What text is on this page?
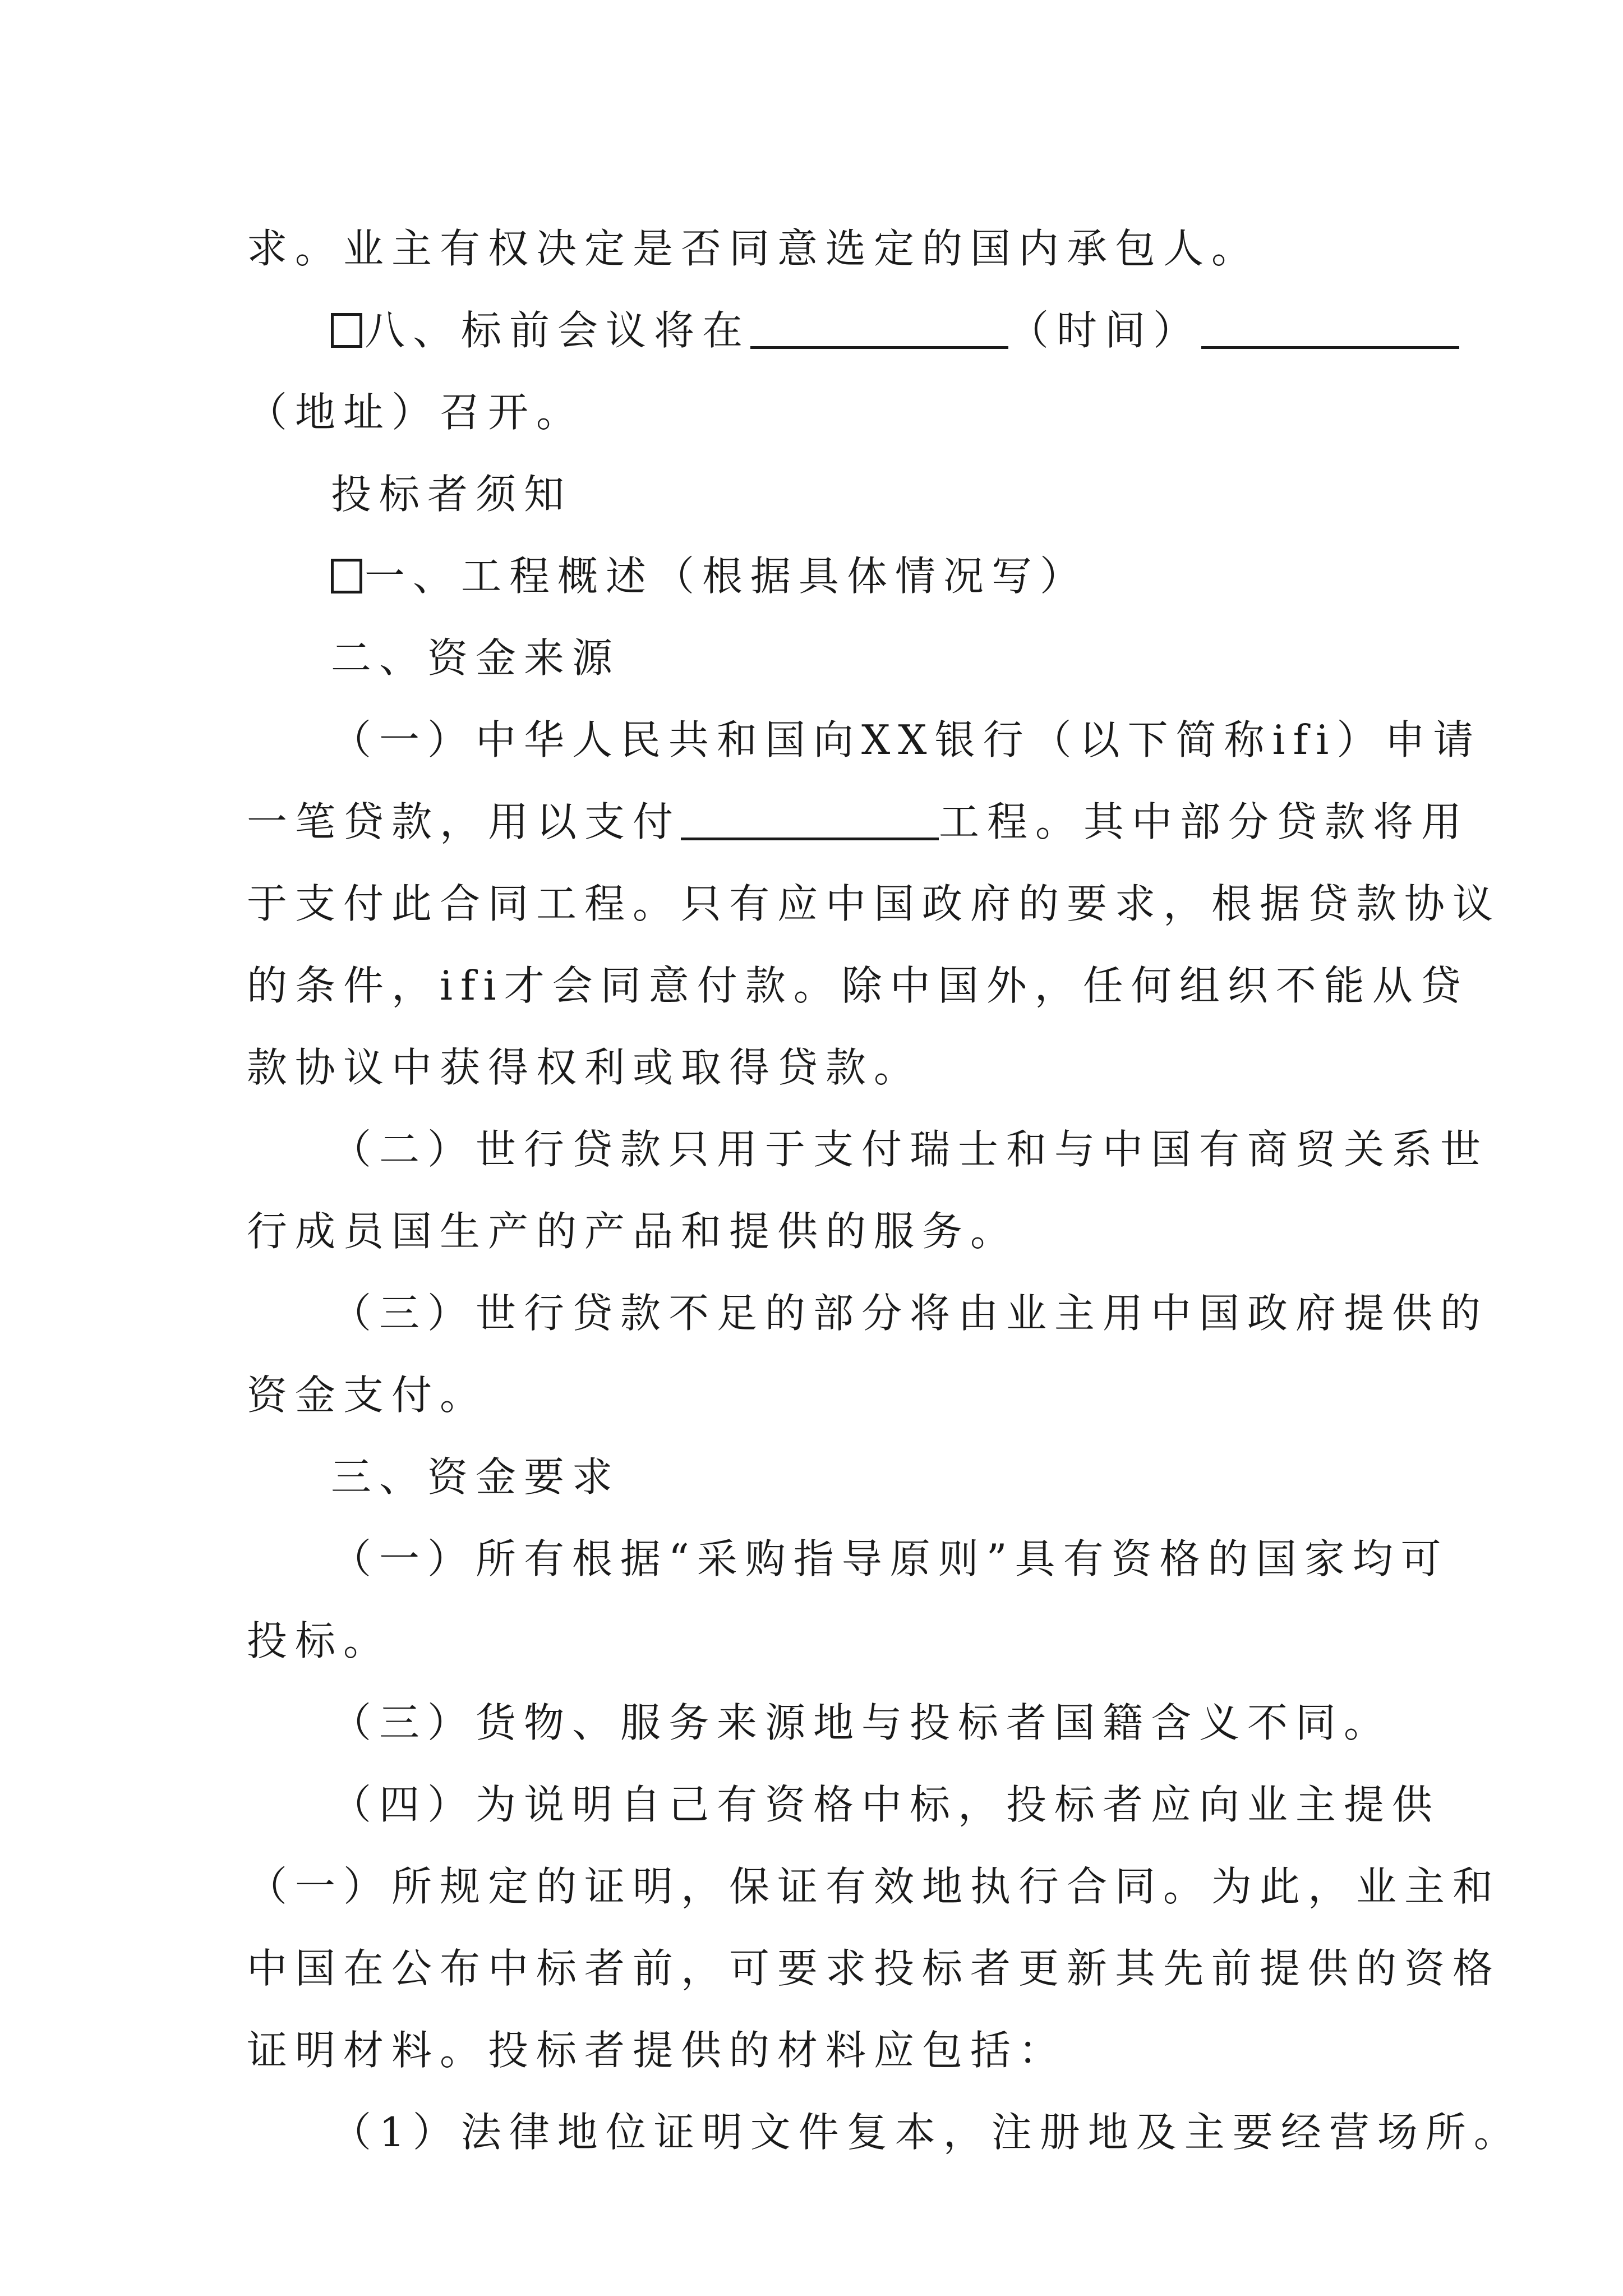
求。业主有权决定是否同意选定的国内承包人。
八、标前会议将在	（时间）
（地址）召开。
投标者须知
一、工程概述（根据具体情况写）
二、资金来源
（一）中华人民共和国向XX银行（以下简称ifi）申请
一笔贷款，用以支付	工程。其中部分贷款将用
于支付此合同工程。只有应中国政府的要求，根据贷款协议
的条件，ifi才会同意付款。除中国外，任何组织不能从贷
款协议中获得权利或取得贷款。
（二）世行贷款只用于支付瑞士和与中国有商贸关系世
行成员国生产的产品和提供的服务。
（三）世行贷款不足的部分将由业主用中国政府提供的
资金支付。
三、资金要求
（一）所有根据“采购指导原则”具有资格的国家均可
投标。
（三）货物、服务来源地与投标者国籍含义不同。
（四）为说明自己有资格中标，投标者应向业主提供
（一）所规定的证明，保证有效地执行合同。为此，业主和
中国在公布中标者前，可要求投标者更新其先前提供的资格
证明材料。投标者提供的材料应包括：
（1）法律地位证明文件复本，注册地及主要经营场所。
